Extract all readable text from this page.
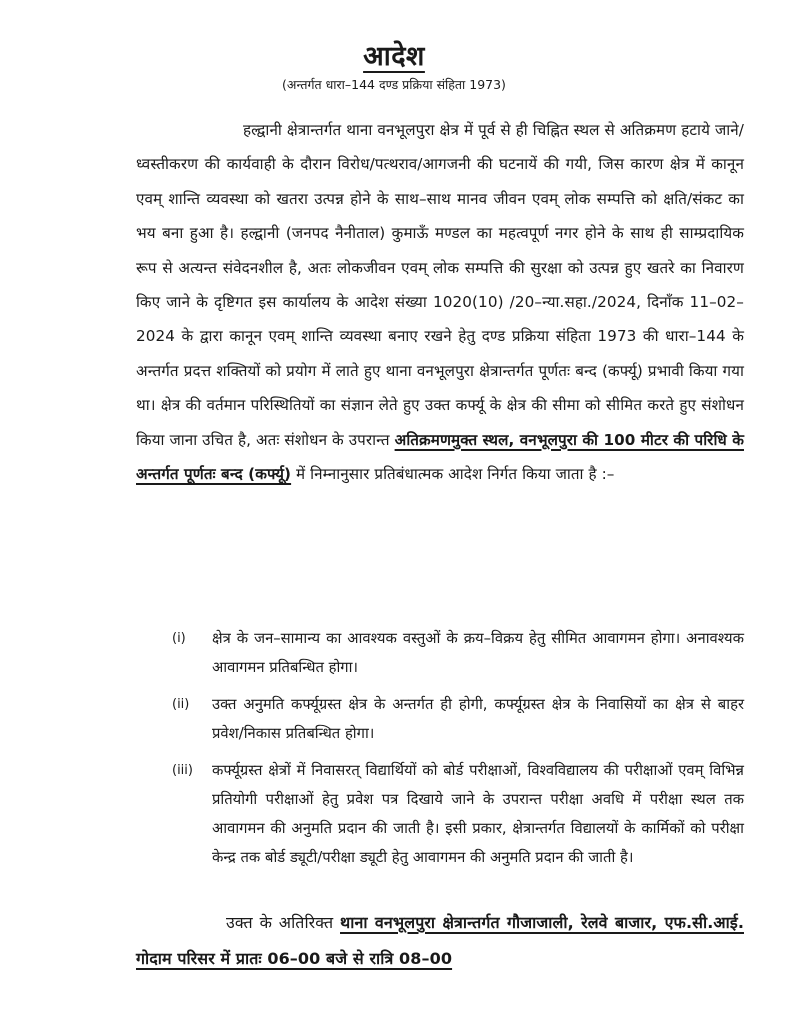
आदेश
(अन्तर्गत धारा–144 दण्ड प्रक्रिया संहिता 1973)
हल्द्वानी क्षेत्रान्तर्गत थाना वनभूलपुरा क्षेत्र में पूर्व से ही चिह्नित स्थल से अतिक्रमण हटाये जाने/ध्वस्तीकरण की कार्यवाही के दौरान विरोध/पत्थराव/आगजनी की घटनायें की गयी, जिस कारण क्षेत्र में कानून एवम् शान्ति व्यवस्था को खतरा उत्पन्न होने के साथ–साथ मानव जीवन एवम् लोक सम्पत्ति को क्षति/संकट का भय बना हुआ है। हल्द्वानी (जनपद नैनीताल) कुमाऊँ मण्डल का महत्वपूर्ण नगर होने के साथ ही साम्प्रदायिक रूप से अत्यन्त संवेदनशील है, अतः लोकजीवन एवम् लोक सम्पत्ति की सुरक्षा को उत्पन्न हुए खतरे का निवारण किए जाने के दृष्टिगत इस कार्यालय के आदेश संख्या 1020(10) /20–न्या.सहा./2024, दिनाँक 11–02–2024 के द्वारा कानून एवम् शान्ति व्यवस्था बनाए रखने हेतु दण्ड प्रक्रिया संहिता 1973 की धारा–144 के अन्तर्गत प्रदत्त शक्तियों को प्रयोग में लाते हुए थाना वनभूलपुरा क्षेत्रान्तर्गत पूर्णतः बन्द (कर्फ्यू) प्रभावी किया गया था। क्षेत्र की वर्तमान परिस्थितियों का संज्ञान लेते हुए उक्त कर्फ्यू के क्षेत्र की सीमा को सीमित करते हुए संशोधन किया जाना उचित है, अतः संशोधन के उपरान्त अतिक्रमणमुक्त स्थल, वनभूलपुरा की 100 मीटर की परिधि के अन्तर्गत पूर्णतः बन्द (कर्फ्यू) में निम्नानुसार प्रतिबंधात्मक आदेश निर्गत किया जाता है :–
(i) क्षेत्र के जन–सामान्य का आवश्यक वस्तुओं के क्रय–विक्रय हेतु सीमित आवागमन होगा। अनावश्यक आवागमन प्रतिबन्धित होगा।
(ii) उक्त अनुमति कर्फ्यूग्रस्त क्षेत्र के अन्तर्गत ही होगी, कर्फ्यूग्रस्त क्षेत्र के निवासियों का क्षेत्र से बाहर प्रवेश/निकास प्रतिबन्धित होगा।
(iii) कर्फ्यूग्रस्त क्षेत्रों में निवासरत् विद्यार्थियों को बोर्ड परीक्षाओं, विश्वविद्यालय की परीक्षाओं एवम् विभिन्न प्रतियोगी परीक्षाओं हेतु प्रवेश पत्र दिखाये जाने के उपरान्त परीक्षा अवधि में परीक्षा स्थल तक आवागमन की अनुमति प्रदान की जाती है। इसी प्रकार, क्षेत्रान्तर्गत विद्यालयों के कार्मिकों को परीक्षा केन्द्र तक बोर्ड ड्यूटी/परीक्षा ड्यूटी हेतु आवागमन की अनुमति प्रदान की जाती है।
उक्त के अतिरिक्त थाना वनभूलपुरा क्षेत्रान्तर्गत गौजाजाली, रेलवे बाजार, एफ.सी.आई. गोदाम परिसर में प्रातः 06–00 बजे से रात्रि 08–00
